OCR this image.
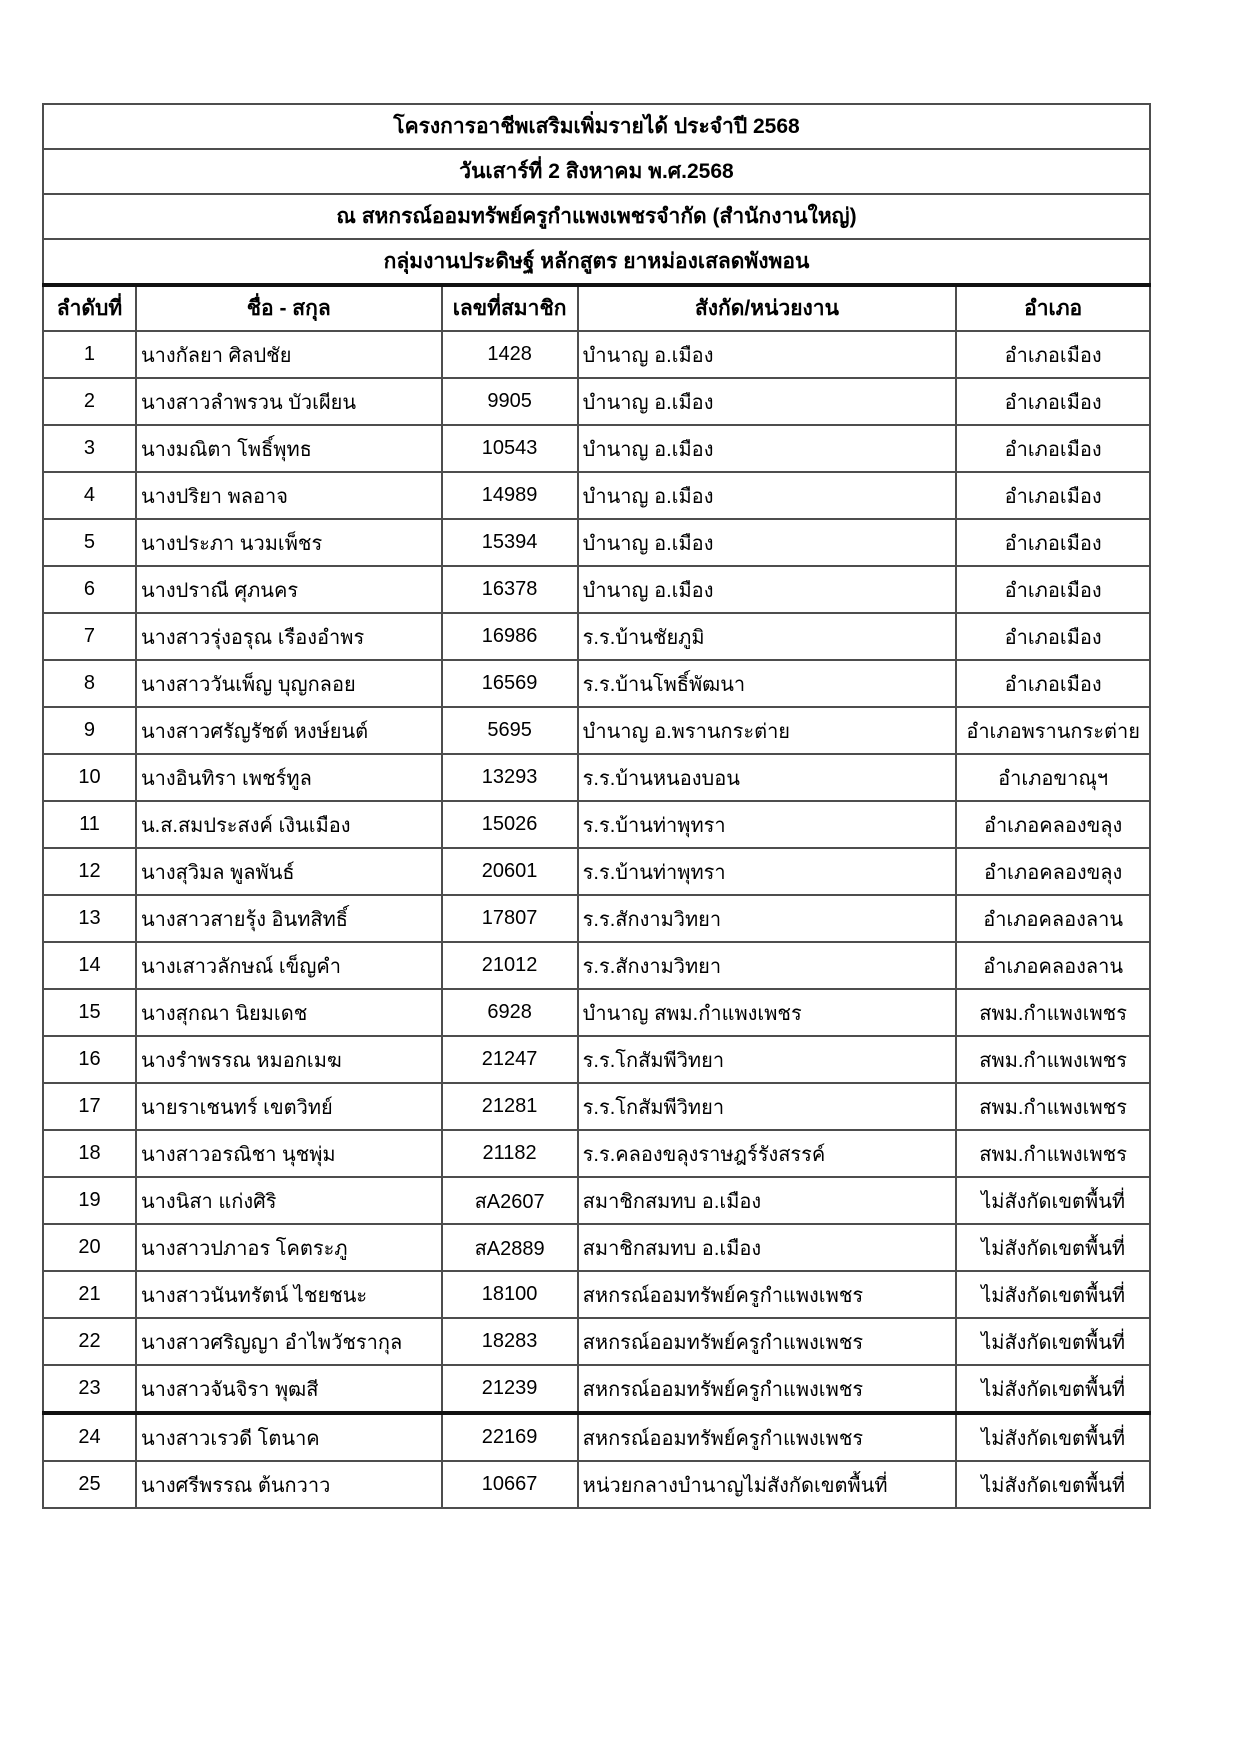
โครงการอาชีพเสริมเพิ่มรายได้ ประจำปี 2568				
วันเสาร์ที่ 2 สิงหาคม พ.ศ.2568				
ณ สหกรณ์ออมทรัพย์ครูกำแพงเพชรจำกัด (สำนักงานใหญ่)				
กลุ่มงานประดิษฐ์ หลักสูตร ยาหม่องเสลดพังพอน				
ลำดับที่	ชื่อ - สกุล	เลขที่สมาชิก	สังกัด/หน่วยงาน	อำเภอ
1	นางกัลยา ศิลปชัย	1428	บำนาญ อ.เมือง	อำเภอเมือง
2	นางสาวลำพรวน บัวเผียน	9905	บำนาญ อ.เมือง	อำเภอเมือง
3	นางมณิตา โพธิ์พุทธ	10543	บำนาญ อ.เมือง	อำเภอเมือง
4	นางปริยา พลอาจ	14989	บำนาญ อ.เมือง	อำเภอเมือง
5	นางประภา นวมเพ็ชร	15394	บำนาญ อ.เมือง	อำเภอเมือง
6	นางปราณี ศุภนคร	16378	บำนาญ อ.เมือง	อำเภอเมือง
7	นางสาวรุ่งอรุณ เรืองอำพร	16986	ร.ร.บ้านชัยภูมิ	อำเภอเมือง
8	นางสาววันเพ็ญ บุญกลอย	16569	ร.ร.บ้านโพธิ์พัฒนา	อำเภอเมือง
9	นางสาวศรัญรัชต์ หงษ์ยนต์	5695	บำนาญ อ.พรานกระต่าย	อำเภอพรานกระต่าย
10	นางอินทิรา เพชร์ทูล	13293	ร.ร.บ้านหนองบอน	อำเภอขาณุฯ
11	น.ส.สมประสงค์ เงินเมือง	15026	ร.ร.บ้านท่าพุทรา	อำเภอคลองขลุง
12	นางสุวิมล พูลพันธ์	20601	ร.ร.บ้านท่าพุทรา	อำเภอคลองขลุง
13	นางสาวสายรุ้ง อินทสิทธิ์	17807	ร.ร.สักงามวิทยา	อำเภอคลองลาน
14	นางเสาวลักษณ์ เข็ญคำ	21012	ร.ร.สักงามวิทยา	อำเภอคลองลาน
15	นางสุกณา นิยมเดช	6928	บำนาญ สพม.กำแพงเพชร	สพม.กำแพงเพชร
16	นางรำพรรณ หมอกเมฆ	21247	ร.ร.โกสัมพีวิทยา	สพม.กำแพงเพชร
17	นายราเชนทร์ เขตวิทย์	21281	ร.ร.โกสัมพีวิทยา	สพม.กำแพงเพชร
18	นางสาวอรณิชา นุชพุ่ม	21182	ร.ร.คลองขลุงราษฎร์รังสรรค์	สพม.กำแพงเพชร
19	นางนิสา แก่งศิริ	สA2607	สมาชิกสมทบ อ.เมือง	ไม่สังกัดเขตพื้นที่
20	นางสาวปภาอร โคตระภู	สA2889	สมาชิกสมทบ อ.เมือง	ไม่สังกัดเขตพื้นที่
21	นางสาวนันทรัตน์ ไชยชนะ	18100	สหกรณ์ออมทรัพย์ครูกำแพงเพชร	ไม่สังกัดเขตพื้นที่
22	นางสาวศริญญา อำไพวัชรากุล	18283	สหกรณ์ออมทรัพย์ครูกำแพงเพชร	ไม่สังกัดเขตพื้นที่
23	นางสาวจันจิรา พุฒสี	21239	สหกรณ์ออมทรัพย์ครูกำแพงเพชร	ไม่สังกัดเขตพื้นที่
24	นางสาวเรวดี โตนาค	22169	สหกรณ์ออมทรัพย์ครูกำแพงเพชร	ไม่สังกัดเขตพื้นที่
25	นางศรีพรรณ ต้นกวาว	10667	หน่วยกลางบำนาญไม่สังกัดเขตพื้นที่	ไม่สังกัดเขตพื้นที่
